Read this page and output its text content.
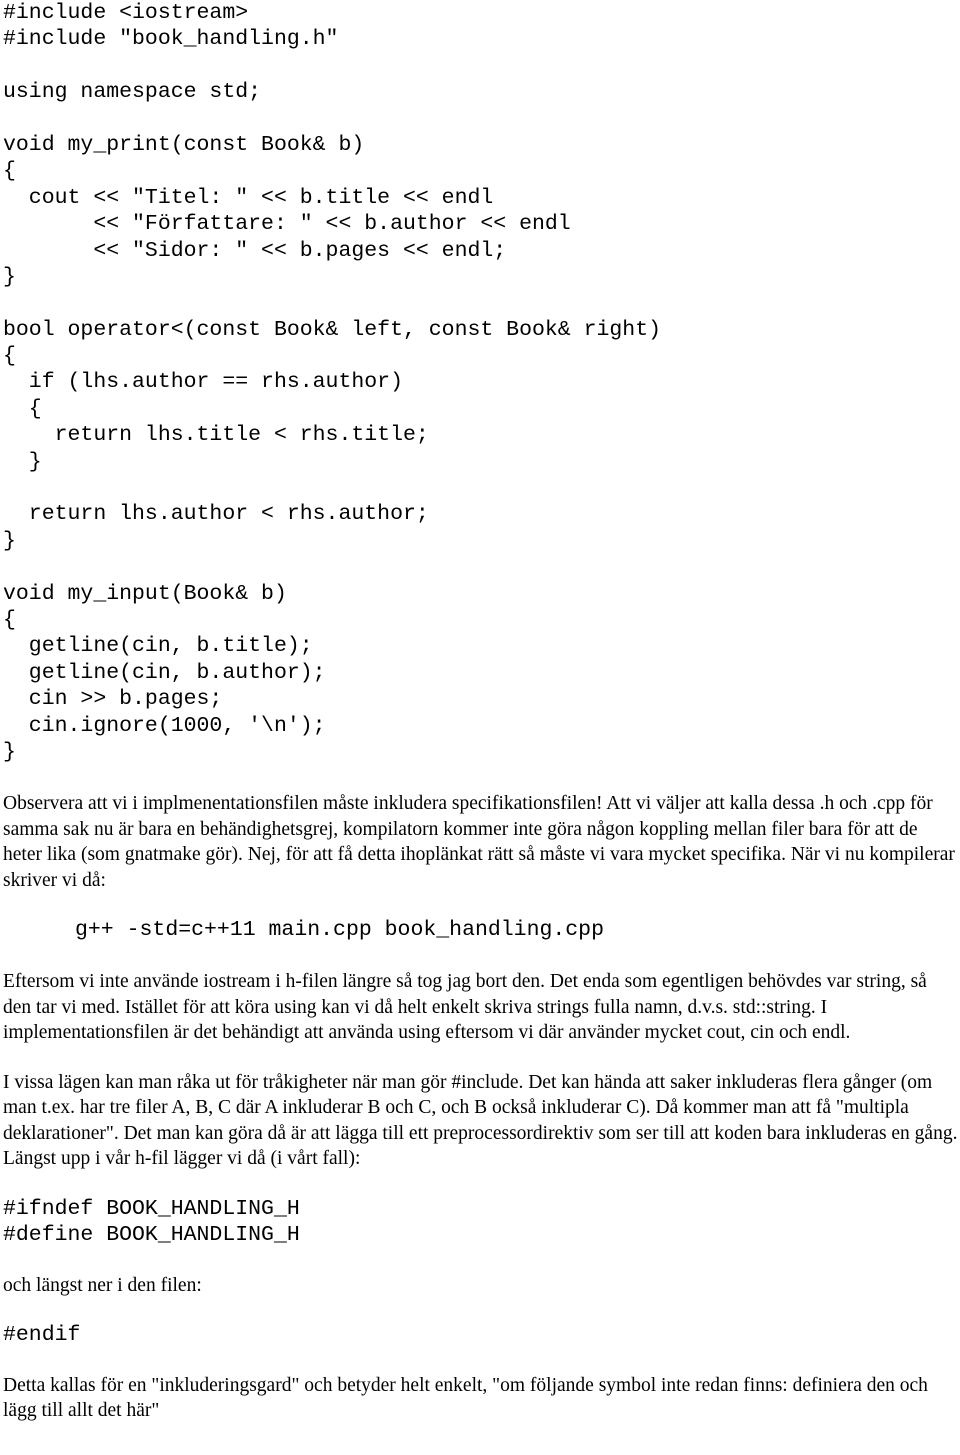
#include <iostream>
#include "book_handling.h"
using namespace std;
void my_print(const Book& b)
{
cout << "Titel: " << b.title << endl
<< "Författare: " << b.author << endl
<< "Sidor: " << b.pages << endl;
}
bool operator<(const Book& left, const Book& right)
{
if (lhs.author == rhs.author)
{
return lhs.title < rhs.title;
}
return lhs.author < rhs.author;
}
void my_input(Book& b)
{
getline(cin, b.title);
getline(cin, b.author);
cin >> b.pages;
cin.ignore(1000, '\n');
}

Observera att vi i implmenentationsfilen måste inkludera specifikationsfilen! Att vi väljer att kalla dessa .h och .cpp för samma sak nu är bara en behändighetsgrej, kompilatorn kommer inte göra någon koppling mellan filer bara för att de heter lika (som gnatmake gör). Nej, för att få detta ihoplänkat rätt så måste vi vara mycket specifika. När vi nu kompilerar skriver vi då:

g++ -std=c++11 main.cpp book_handling.cpp

Eftersom vi inte använde iostream i h-filen längre så tog jag bort den. Det enda som egentligen behövdes var string, så den tar vi med. Istället för att köra using kan vi då helt enkelt skriva strings fulla namn, d.v.s. std::string. I implementationsfilen är det behändigt att använda using eftersom vi där använder mycket cout, cin och endl.

I vissa lägen kan man råka ut för tråkigheter när man gör #include. Det kan hända att saker inkluderas flera gånger (om man t.ex. har tre filer A, B, C där A inkluderar B och C, och B också inkluderar C). Då kommer man att få "multipla deklarationer". Det man kan göra då är att lägga till ett preprocessordirektiv som ser till att koden bara inkluderas en gång. Längst upp i vår h-fil lägger vi då (i vårt fall):

#ifndef BOOK_HANDLING_H
#define BOOK_HANDLING_H

och längst ner i den filen:

#endif

Detta kallas för en "inkluderingsgard" och betyder helt enkelt, "om följande symbol inte redan finns: definiera den och lägg till allt det här"
